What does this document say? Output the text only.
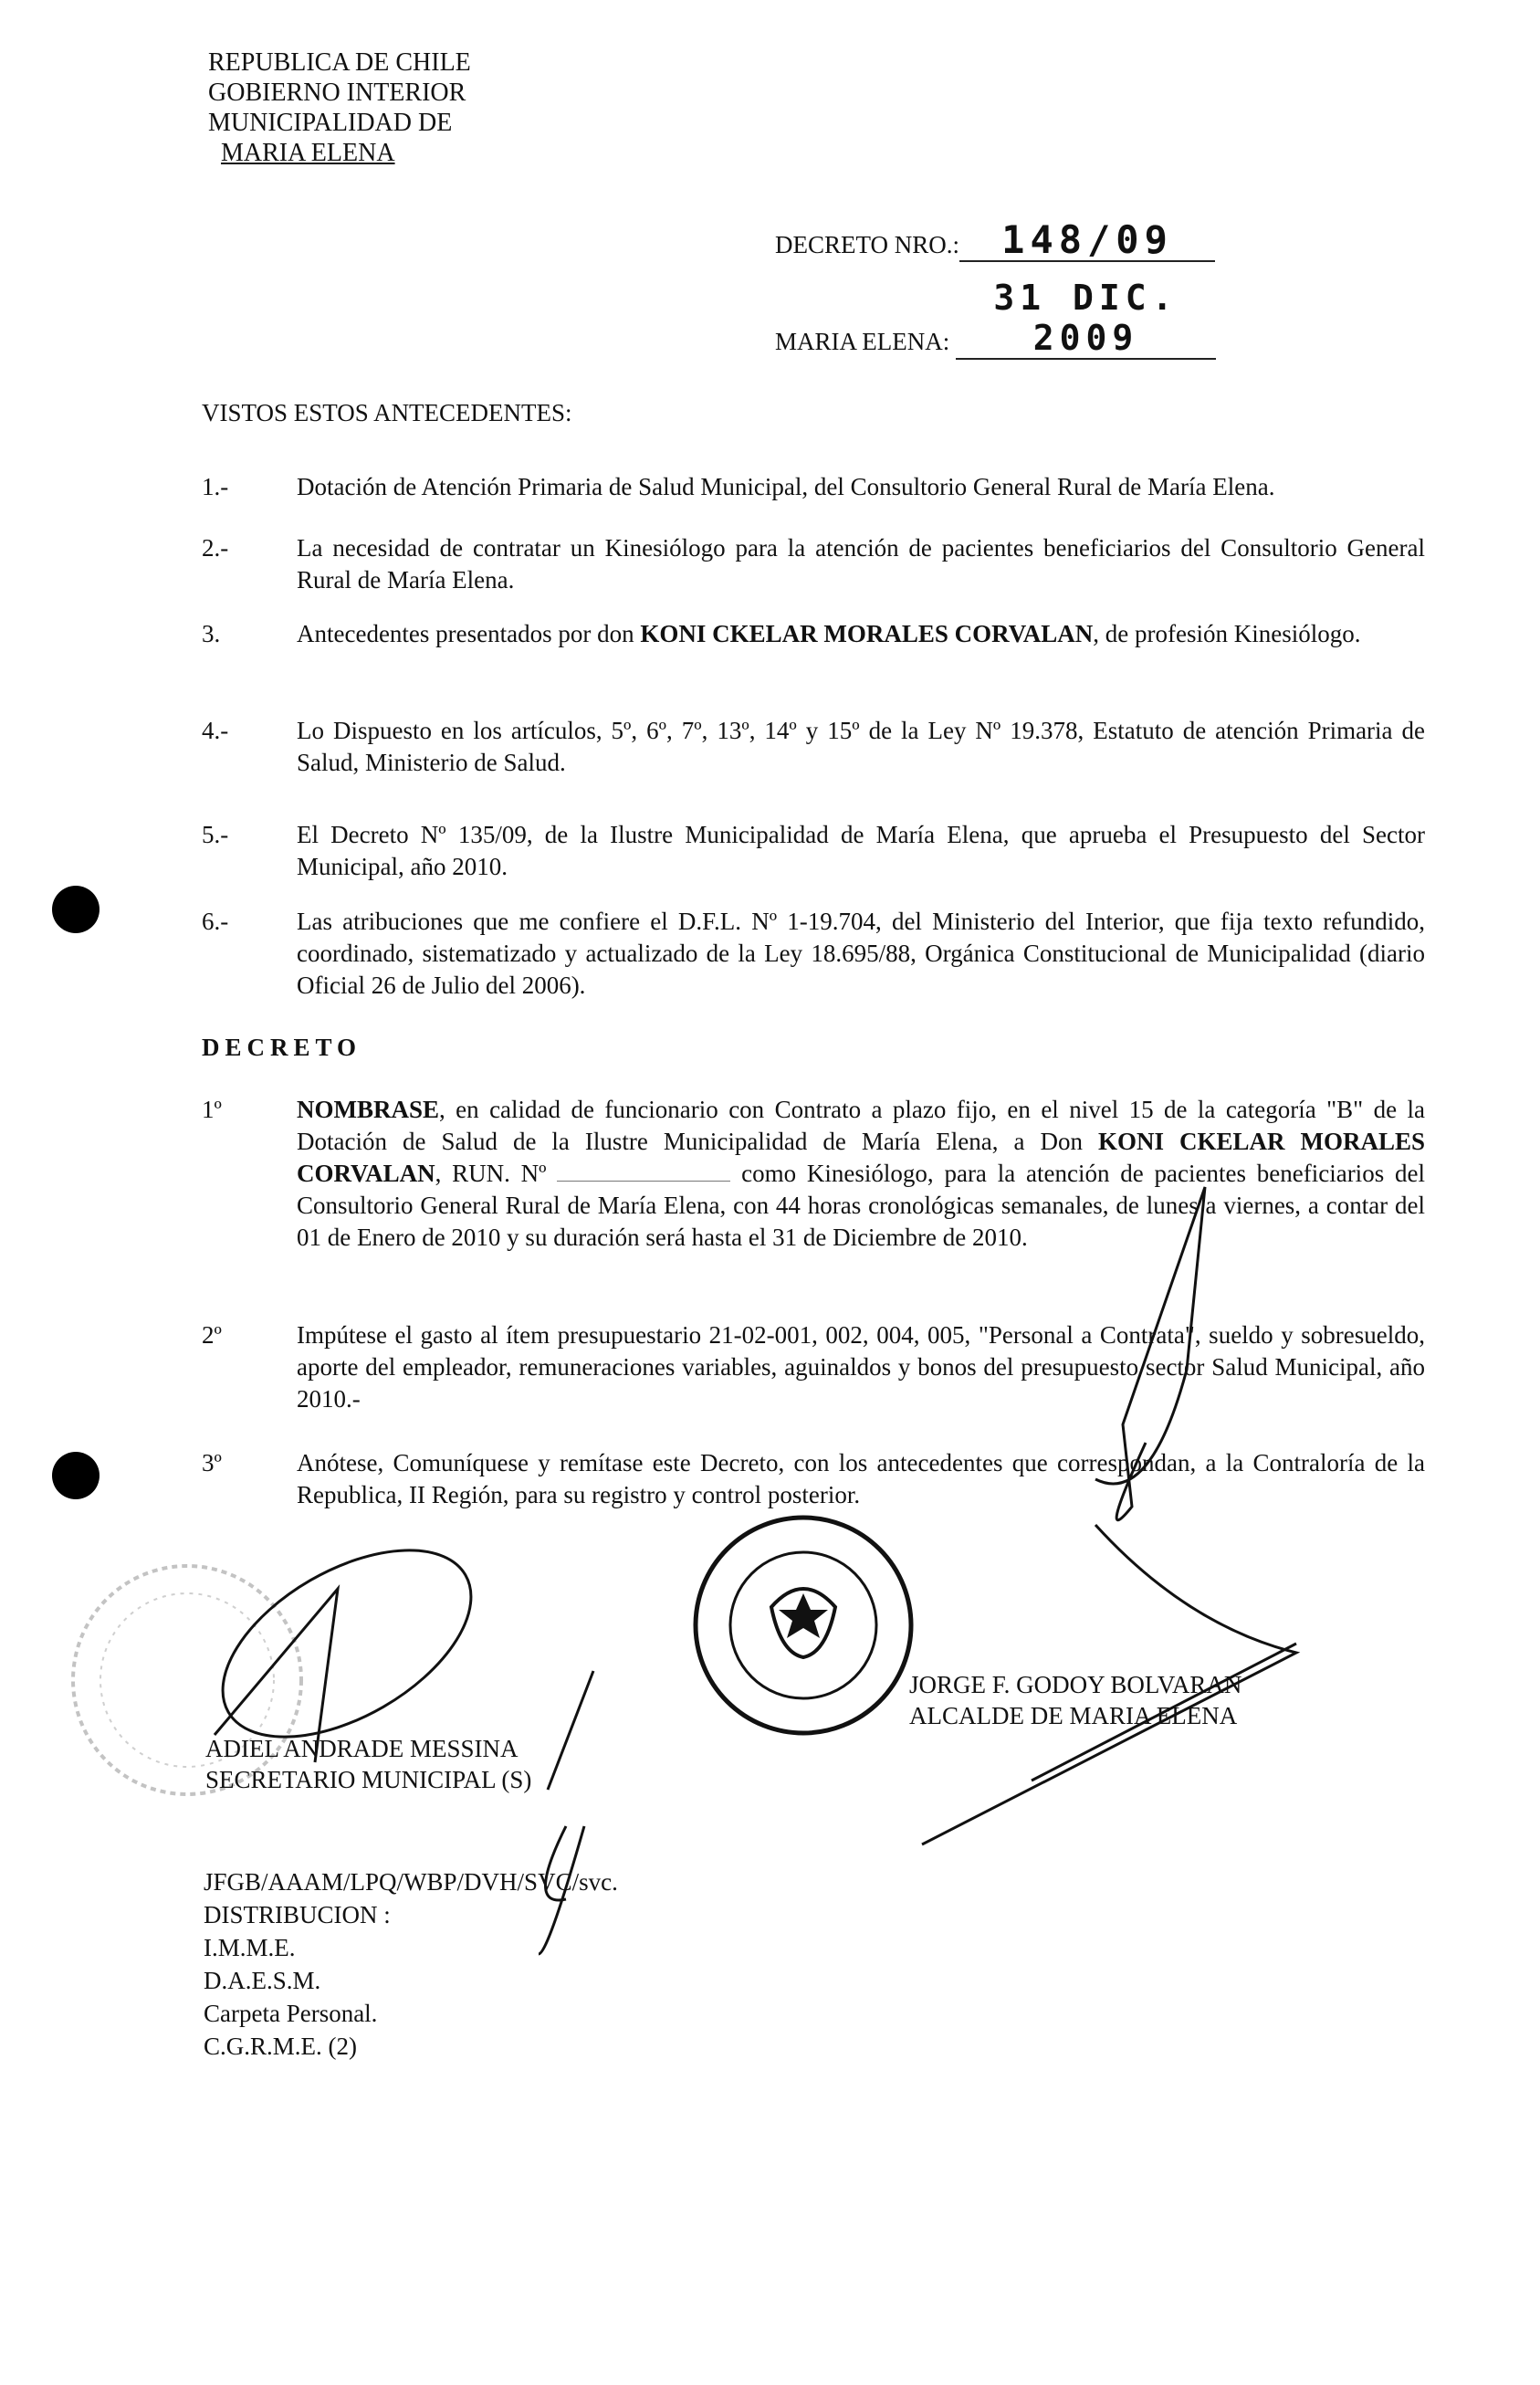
REPUBLICA DE CHILE
GOBIERNO INTERIOR
MUNICIPALIDAD DE
MARIA ELENA
DECRETO NRO.: 148/09
MARIA ELENA: 31 DIC. 2009
VISTOS ESTOS ANTECEDENTES:
1.-	Dotación de Atención Primaria de Salud Municipal, del Consultorio General Rural de María Elena.
2.-	La necesidad de contratar un Kinesiólogo para la atención de pacientes beneficiarios del Consultorio General Rural de María Elena.
3.	Antecedentes presentados por don KONI CKELAR MORALES CORVALAN, de profesión Kinesiólogo.
4.-	Lo Dispuesto en los artículos, 5º, 6º, 7º, 13º, 14º y 15º de la Ley Nº 19.378, Estatuto de atención Primaria de Salud, Ministerio de Salud.
5.-	El Decreto Nº 135/09, de la Ilustre Municipalidad de María Elena, que aprueba el Presupuesto del Sector Municipal, año 2010.
6.-	Las atribuciones que me confiere el D.F.L. Nº 1-19.704, del Ministerio del Interior, que fija texto refundido, coordinado, sistematizado y actualizado de la Ley 18.695/88, Orgánica Constitucional de Municipalidad (diario Oficial 26 de Julio del 2006).
DECRETO
1º	NOMBRASE, en calidad de funcionario con Contrato a plazo fijo, en el nivel 15 de la categoría "B" de la Dotación de Salud de la Ilustre Municipalidad de María Elena, a Don KONI CKELAR MORALES CORVALAN, RUN. Nº	como Kinesiólogo, para la atención de pacientes beneficiarios del Consultorio General Rural de María Elena, con 44 horas cronológicas semanales, de lunes a viernes, a contar del 01 de Enero de 2010 y su duración será hasta el 31 de Diciembre de 2010.
2º	Impútese el gasto al ítem presupuestario 21-02-001, 002, 004, 005, "Personal a Contrata", sueldo y sobresueldo, aporte del empleador, remuneraciones variables, aguinaldos y bonos del presupuesto sector Salud Municipal, año 2010.-
3º	Anótese, Comuníquese y remítase este Decreto, con los antecedentes que correspondan, a la Contraloría de la Republica, II Región, para su registro y control posterior.
ADIEL ANDRADE MESSINA
SECRETARIO MUNICIPAL (S)
JORGE F. GODOY BOLVARAN
ALCALDE DE MARIA ELENA
JFGB/AAAM/LPQ/WBP/DVH/SVC/svc.
DISTRIBUCION :
I.M.M.E.
D.A.E.S.M.
Carpeta Personal.
C.G.R.M.E. (2)
